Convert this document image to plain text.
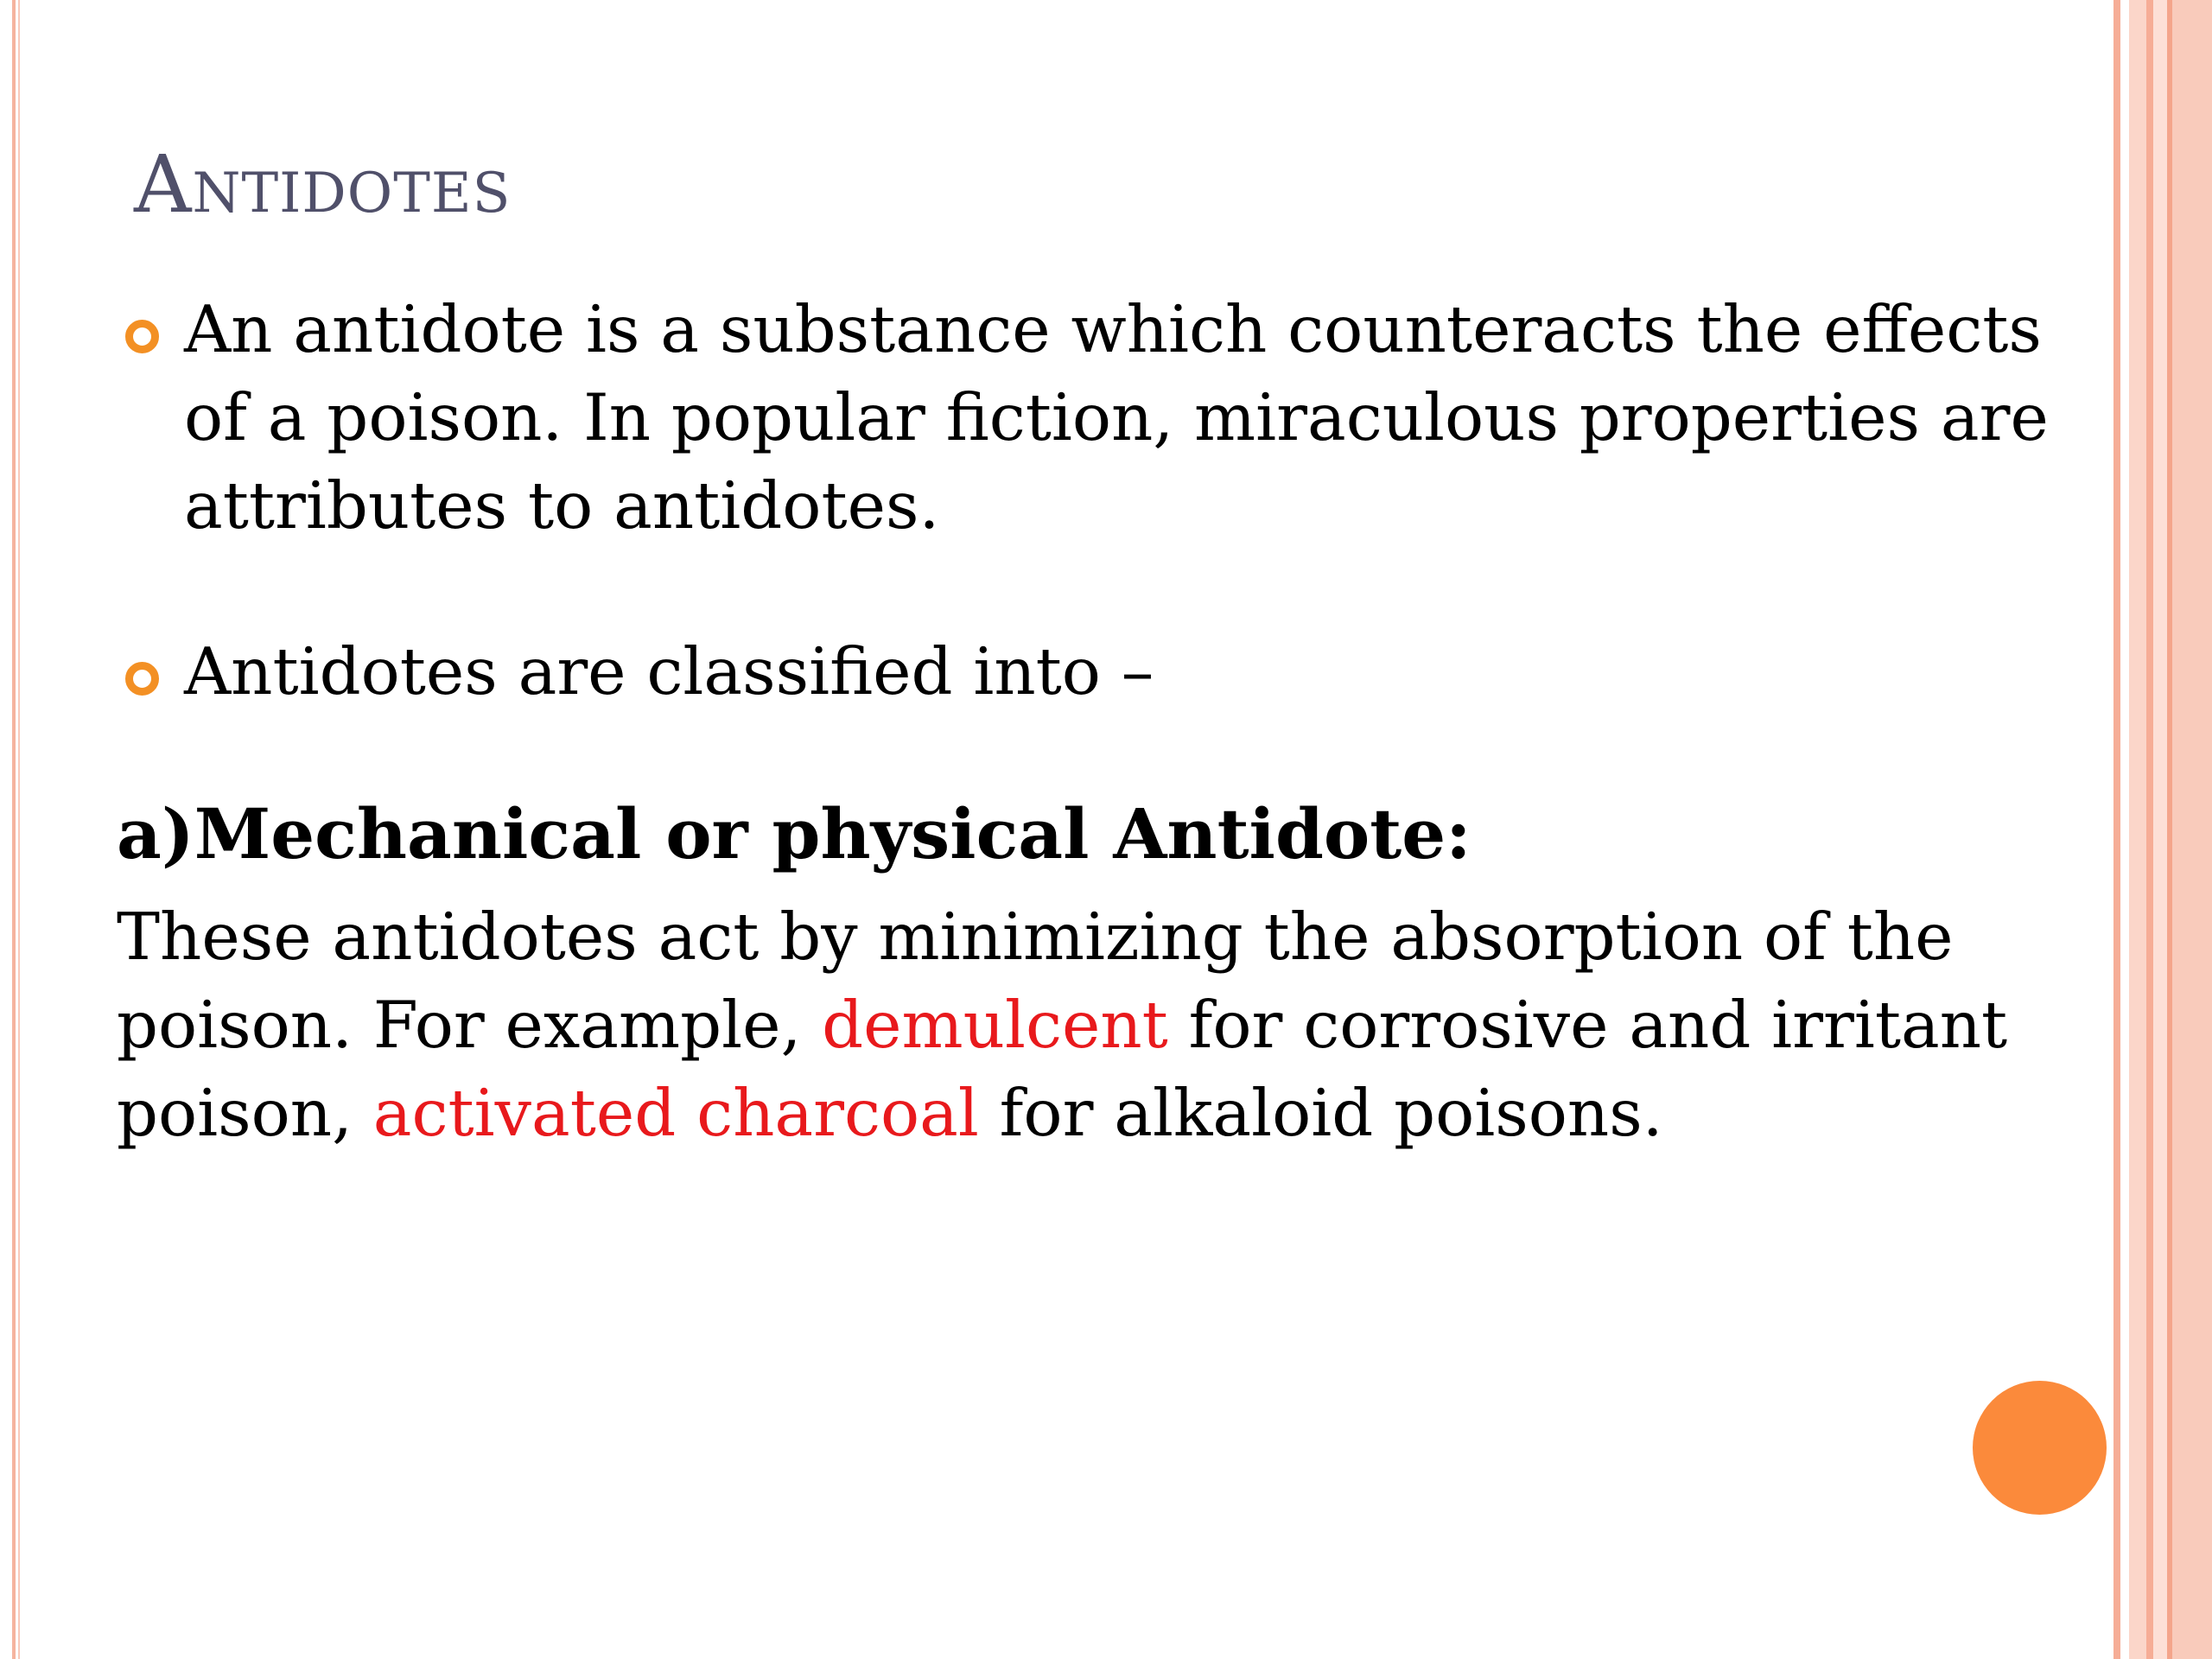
Antidotes

An antidote is a substance which counteracts the effects of a poison. In popular fiction, miraculous properties are attributes to antidotes.

Antidotes are classified into –

a)Mechanical or physical Antidote:

These antidotes act by minimizing the absorption of the poison. For example, demulcent for corrosive and irritant poison, activated charcoal for alkaloid poisons.
